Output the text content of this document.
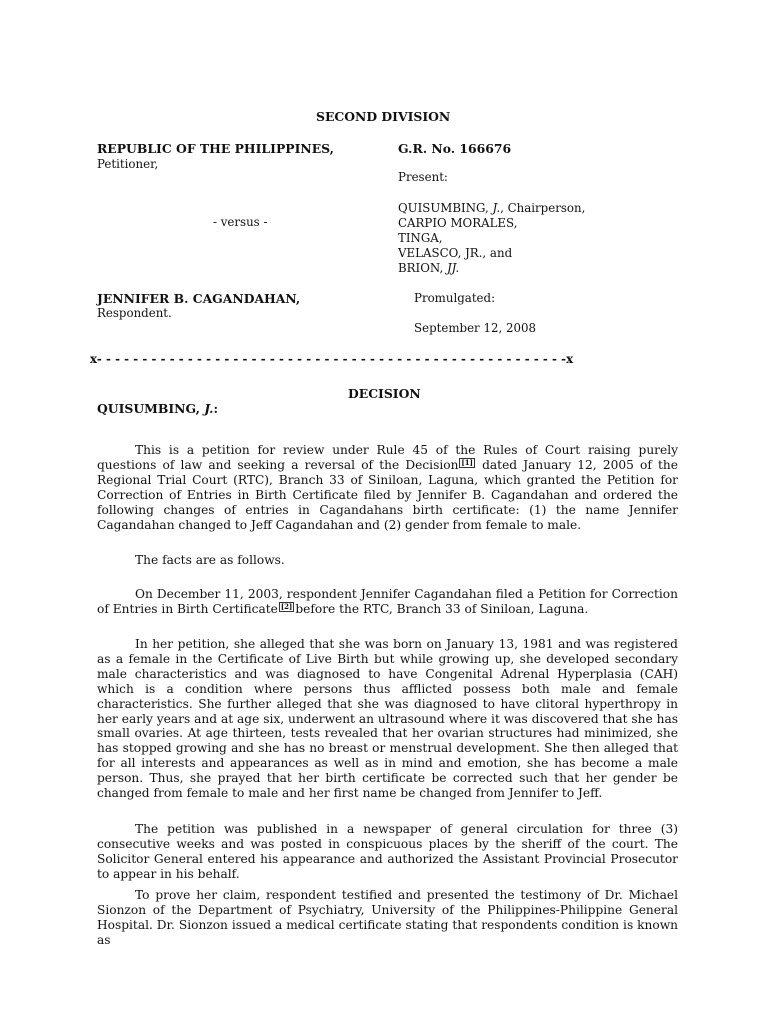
SECOND DIVISION
REPUBLIC OF THE PHILIPPINES,
Petitioner,
- versus -
JENNIFER B. CAGANDAHAN,
Respondent.
G.R. No. 166676
Present:
QUISUMBING, J., Chairperson,
CARPIO MORALES,
TINGA,
VELASCO, JR., and
BRION, JJ.
Promulgated:
September 12, 2008
x- - - - - - - - - - - - - - - - - - - - - - - - - - - - - - - - - - - - - - - - - - - - - - - - - - - -x
DECISION
QUISUMBING, J.:
This is a petition for review under Rule 45 of the Rules of Court raising purely questions of law and seeking a reversal of the Decision [1] dated January 12, 2005 of the Regional Trial Court (RTC), Branch 33 of Siniloan, Laguna, which granted the Petition for Correction of Entries in Birth Certificate filed by Jennifer B. Cagandahan and ordered the following changes of entries in Cagandahans birth certificate: (1) the name Jennifer Cagandahan changed to Jeff Cagandahan and (2) gender from female to male.
The facts are as follows.
On December 11, 2003, respondent Jennifer Cagandahan filed a Petition for Correction of Entries in Birth Certificate [2] before the RTC, Branch 33 of Siniloan, Laguna.
In her petition, she alleged that she was born on January 13, 1981 and was registered as a female in the Certificate of Live Birth but while growing up, she developed secondary male characteristics and was diagnosed to have Congenital Adrenal Hyperplasia (CAH) which is a condition where persons thus afflicted possess both male and female characteristics. She further alleged that she was diagnosed to have clitoral hyperthropy in her early years and at age six, underwent an ultrasound where it was discovered that she has small ovaries. At age thirteen, tests revealed that her ovarian structures had minimized, she has stopped growing and she has no breast or menstrual development. She then alleged that for all interests and appearances as well as in mind and emotion, she has become a male person. Thus, she prayed that her birth certificate be corrected such that her gender be changed from female to male and her first name be changed from Jennifer to Jeff.
The petition was published in a newspaper of general circulation for three (3) consecutive weeks and was posted in conspicuous places by the sheriff of the court. The Solicitor General entered his appearance and authorized the Assistant Provincial Prosecutor to appear in his behalf.
To prove her claim, respondent testified and presented the testimony of Dr. Michael Sionzon of the Department of Psychiatry, University of the Philippines-Philippine General Hospital. Dr. Sionzon issued a medical certificate stating that respondents condition is known as
